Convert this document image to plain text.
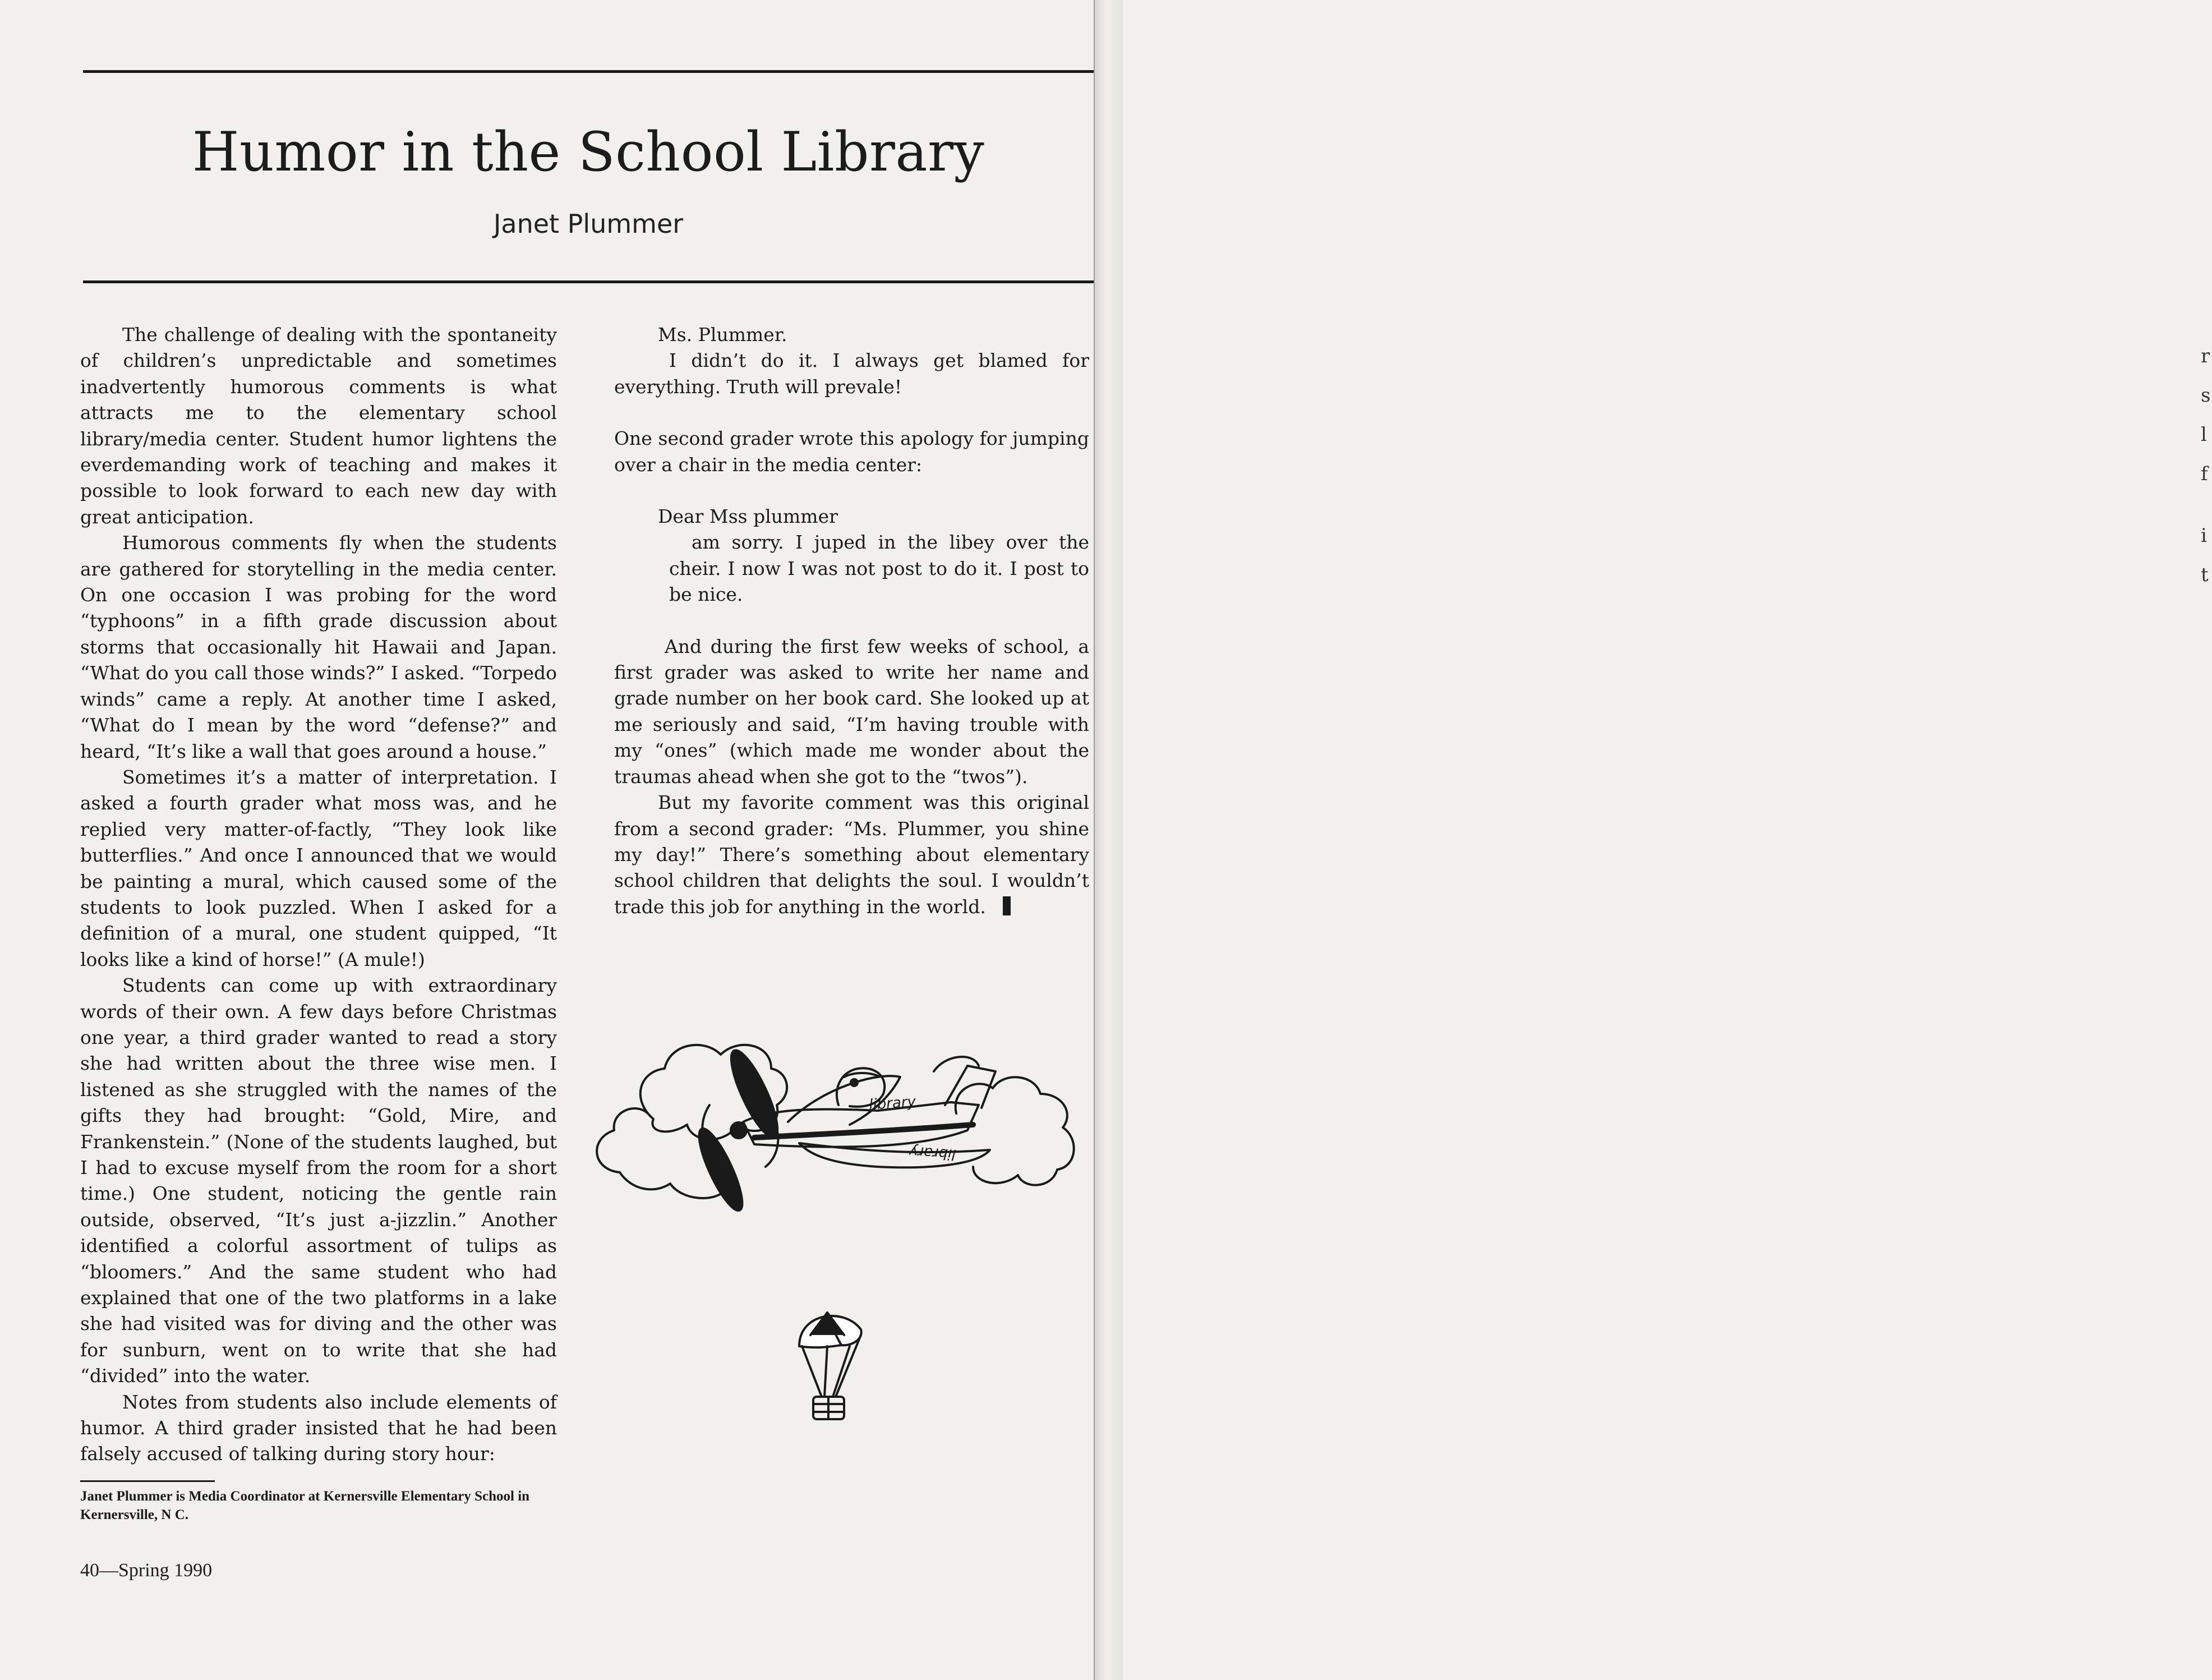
r
s
l
f
i
t
Humor in the School Library
Janet Plummer

The challenge of dealing with the spontaneity of children’s unpredictable and sometimes inadvertently humorous comments is what attracts me to the elementary school library/media center. Student humor lightens the everdemanding work of teaching and makes it possible to look forward to each new day with great anticipation.

Humorous comments fly when the students are gathered for storytelling in the media center. On one occasion I was probing for the word “typhoons” in a fifth grade discussion about storms that occasionally hit Hawaii and Japan. “What do you call those winds?” I asked. “Torpedo winds” came a reply. At another time I asked, “What do I mean by the word “defense?” and heard, “It’s like a wall that goes around a house.”

Sometimes it’s a matter of interpretation. I asked a fourth grader what moss was, and he replied very matter-of-factly, “They look like butterflies.” And once I announced that we would be painting a mural, which caused some of the students to look puzzled. When I asked for a definition of a mural, one student quipped, “It looks like a kind of horse!” (A mule!)

Students can come up with extraordinary words of their own. A few days before Christmas one year, a third grader wanted to read a story she had written about the three wise men. I listened as she struggled with the names of the gifts they had brought: “Gold, Mire, and Frankenstein.” (None of the students laughed, but I had to excuse myself from the room for a short time.) One student, noticing the gentle rain outside, observed, “It’s just a-jizzlin.” Another identified a colorful assortment of tulips as “bloomers.” And the same student who had explained that one of the two platforms in a lake she had visited was for diving and the other was for sunburn, went on to write that she had “divided” into the water.

Notes from students also include elements of humor. A third grader insisted that he had been falsely accused of talking during story hour:

Ms. Plummer.

I didn’t do it. I always get blamed for everything. Truth will prevale!

One second grader wrote this apology for jumping over a chair in the media center:

Dear Mss plummer

am sorry. I juped in the libey over the cheir. I now I was not post to do it. I post to be nice.

And during the first few weeks of school, a first grader was asked to write her name and grade number on her book card. She looked up at me seriously and said, “I’m having trouble with my “ones” (which made me wonder about the traumas ahead when she got to the “twos”).

But my favorite comment was this original from a second grader: “Ms. Plummer, you shine my day!” There’s something about elementary school children that delights the soul. I wouldn’t trade this job for anything in the world.

library
library
Janet Plummer is Media Coordinator at Kernersville Elementary School in Kernersville, N C.
40—Spring 1990
